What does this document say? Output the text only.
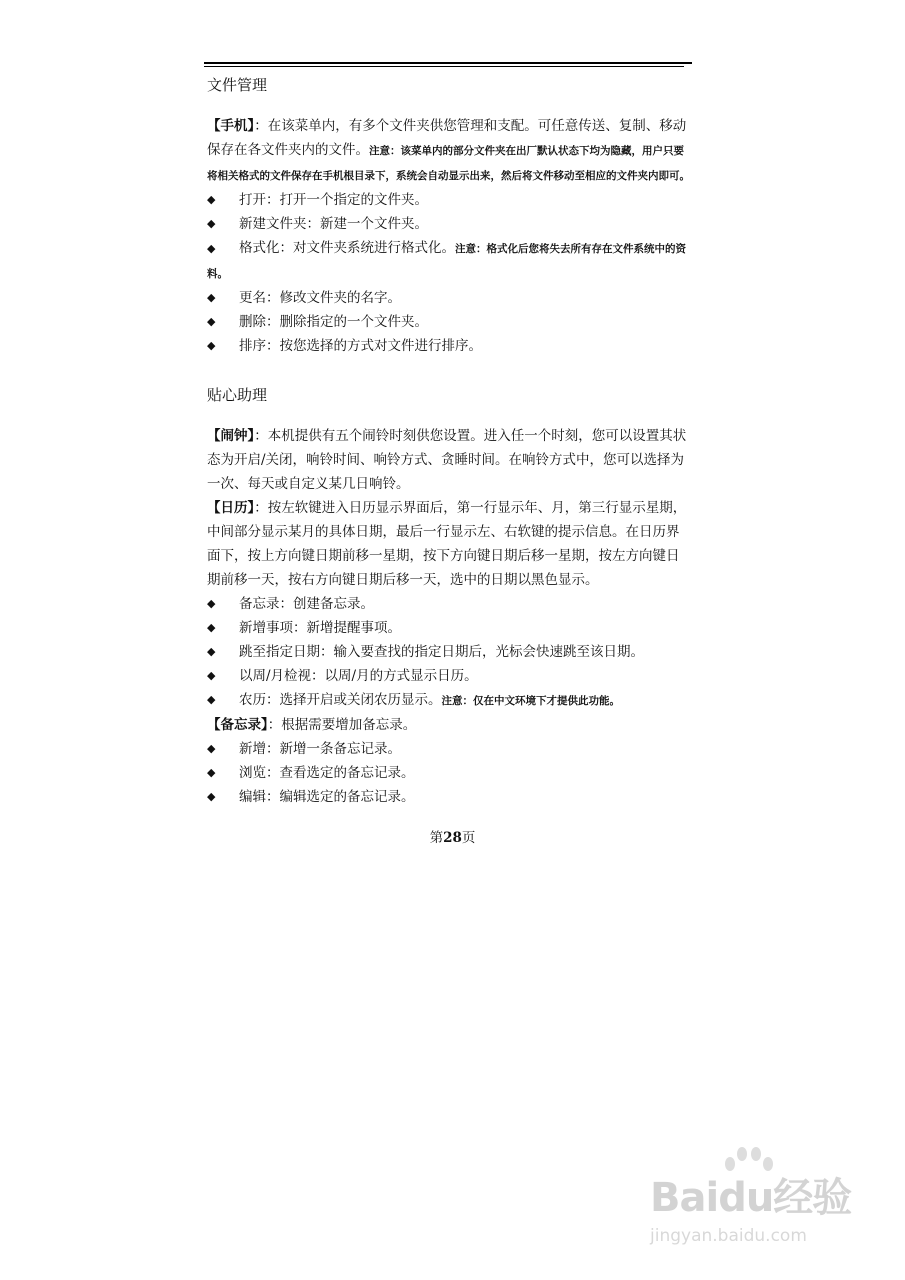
文件管理

【手机】：在该菜单内，有多个文件夹供您管理和支配。可任意传送、复制、移动保存在各文件夹内的文件。注意：该菜单内的部分文件夹在出厂默认状态下均为隐藏，用户只要将相关格式的文件保存在手机根目录下，系统会自动显示出来，然后将文件移动至相应的文件夹内即可。

◆	打开：打开一个指定的文件夹。
◆	新建文件夹：新建一个文件夹。
◆ 格式化：对文件夹系统进行格式化。注意：格式化后您将失去所有存在文件系统中的资料。
◆	更名：修改文件夹的名字。
◆	删除：删除指定的一个文件夹。
◆	排序：按您选择的方式对文件进行排序。
贴心助理

【闹钟】：本机提供有五个闹铃时刻供您设置。进入任一个时刻，您可以设置其状态为开启/关闭，响铃时间、响铃方式、贪睡时间。在响铃方式中，您可以选择为一次、每天或自定义某几日响铃。

【日历】：按左软键进入日历显示界面后，第一行显示年、月，第三行显示星期，中间部分显示某月的具体日期，最后一行显示左、右软键的提示信息。在日历界面下，按上方向键日期前移一星期，按下方向键日期后移一星期，按左方向键日期前移一天，按右方向键日期后移一天，选中的日期以黑色显示。

◆	备忘录：创建备忘录。
◆	新增事项：新增提醒事项。
◆	跳至指定日期：输入要查找的指定日期后，光标会快速跳至该日期。
◆	以周/月检视：以周/月的方式显示日历。
◆	农历：选择开启或关闭农历显示。注意：仅在中文环境下才提供此功能。

【备忘录】：根据需要增加备忘录。

◆	新增：新增一条备忘记录。
◆	浏览：查看选定的备忘记录。
◆	编辑：编辑选定的备忘记录。
第28页
Baidu经验
jingyan.baidu.com
